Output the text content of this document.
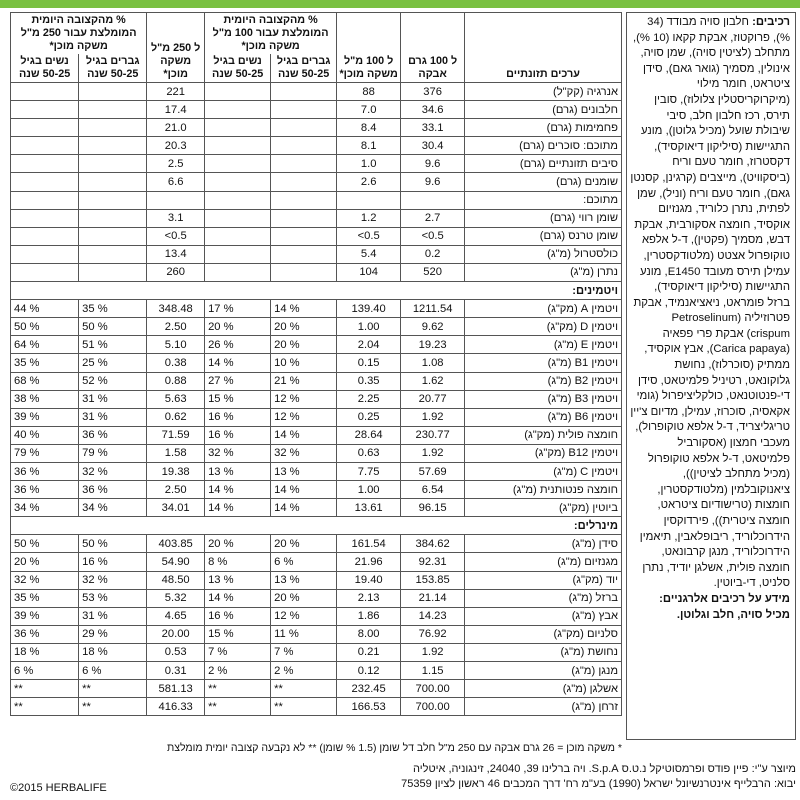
רכיבים: חלבון סויה מבודד (34 %), פרוקטוז, אבקת קקאו (10 %), מתחלב (לציטין סויה), שמן סויה, אינולין, מסמיך (גואר גאם), סידן ציטראט, חומר מילוי (מיקרוקריסטלין צלולוז), סובין תירס, רכז חלבון חלב, סיבי שיבולת שועל (מכיל גלוטן), מונע התגיישות (סיליקון דיאוקסיד), דקסטרוז, חומר טעם וריח (ביסקוויט), מייצבים (קרגינן, קסנטן גאם), חומר טעם וריח (וניל), שמן לפתית, נתרן כלוריד, מגנזיום אוקסיד, חומצה אסקורבית, אבקת דבש, מסמיך (פקטין), ד-ל אלפא טוקופרול אצטט (מלטודקסטרין, עמילן תירס מעובד E1450, מונע התגיישות (סיליקון דיאוקסיד), ברזל פומראט, ניאציאנמיד, אבקת פטרוזיליה (Petroselinum crispum) אבקת פרי פפאיה (Carica papaya), אבץ אוקסיד, ממתיק (סוכרלוז), נחושת גלוקונאט, רטיניל פלמיטאט, סידן די-פנטוטנאט, כולקליציפרול (גומי אקאסיה, סוכרוז, עמילן, מדיום צ'יין טריגליצריד, ד-ל אלפא טוקופרול), מעכבי חמצון (אסקורביל פלמיטאט, ד-ל אלפא טוקופרול (מכיל מתחלב לציטין)), ציאנוקובלמין (מלטודקסטרין, חומצות (טרישודיום ציטראט, חומצה ציטרית)), פירדוקסין הידרוכלוריד, ריבופלאבין, תיאמין הידרוכלוריד, מנגן קרבונאט, חומצה פולית, אשלגן יודיד, נתרן סלניט, די-ביוטין.
מידע על רכיבים אלרגניים:
מכיל סויה, חלב וגלוטן.
ערכים תזונתיים	ל 100 גרם אבקה	ל 100 מ"ל משקה מוכן*	% מהקצובה היומית המומלצת עבור 100 מ"ל משקה מוכן*		ל 250 מ"ל משקה מוכן*	% מהקצובה היומית המומלצת עבור 250 מ"ל משקה מוכן*	
			גברים בגיל 50-25 שנה	נשים בגיל 50-25 שנה		גברים בגיל 50-25 שנה	נשים בגיל 50-25 שנה
אנרגיה (קק"ל)	376	88			221		
חלבונים (גרם)	34.6	7.0			17.4		
פחמימות (גרם)	33.1	8.4			21.0		
מתוכם: סוכרים (גרם)	30.4	8.1			20.3		
סיבים תזונתיים (גרם)	9.6	1.0			2.5		
שומנים (גרם)	9.6	2.6			6.6		
מתוכם:							
שומן רווי (גרם)	2.7	1.2			3.1		
שומן טרנס (גרם)	<0.5	<0.5			<0.5		
כולסטרול (מ"ג)	0.2	5.4			13.4		
נתרן (מ"ג)	520	104			260		
ויטמינים:							
ויטמין A (מק"ג)	1211.54	139.40	14 %	17 %	348.48	35 %	44 %
ויטמין D (מק"ג)	9.62	1.00	20 %	20 %	2.50	50 %	50 %
ויטמין E (מ"ג)	19.23	2.04	20 %	26 %	5.10	51 %	64 %
ויטמין B1 (מ"ג)	1.08	0.15	10 %	14 %	0.38	25 %	35 %
ויטמין B2 (מ"ג)	1.62	0.35	21 %	27 %	0.88	52 %	68 %
ויטמין B3 (מ"ג)	20.77	2.25	12 %	15 %	5.63	31 %	38 %
ויטמין B6 (מ"ג)	1.92	0.25	12 %	16 %	0.62	31 %	39 %
חומצה פולית (מק"ג)	230.77	28.64	14 %	16 %	71.59	36 %	40 %
ויטמין B12 (מק"ג)	1.92	0.63	32 %	32 %	1.58	79 %	79 %
ויטמין C (מ"ג)	57.69	7.75	13 %	13 %	19.38	32 %	36 %
חומצה פנטותנית (מ"ג)	6.54	1.00	14 %	14 %	2.50	36 %	36 %
ביוטין (מק"ג)	96.15	13.61	14 %	14 %	34.01	34 %	34 %
מינרלים:							
סידן (מ"ג)	384.62	161.54	20 %	20 %	403.85	50 %	50 %
מגנזיום (מ"ג)	92.31	21.96	6 %	8 %	54.90	16 %	20 %
יוד (מק"ג)	153.85	19.40	13 %	13 %	48.50	32 %	32 %
ברזל (מ"ג)	21.14	2.13	20 %	14 %	5.32	53 %	35 %
אבץ (מ"ג)	14.23	1.86	12 %	16 %	4.65	31 %	39 %
סלניום (מק"ג)	76.92	8.00	11 %	15 %	20.00	29 %	36 %
נחושת (מ"ג)	1.92	0.21	7 %	7 %	0.53	18 %	18 %
מנגן (מ"ג)	1.15	0.12	2 %	2 %	0.31	6 %	6 %
אשלגן (מ"ג)	700.00	232.45	**	**	581.13	**	**
זרחן (מ"ג)	700.00	166.53	**	**	416.33	**	**
* משקה מוכן = 26 גרם אבקה עם 250 מ"ל חלב דל שומן (1.5 % שומן) ** לא נקבעה קצובה יומית מומלצת
מיוצר ע"י: פיין פודס ופרמסוטיקל נ.ט.ס S.p.A. ויה ברלינו 39, 24040, זינגוניה, איטליה
יבוא: הרבלייף אינטרנשיונל ישראל (1990) בע"מ רח' דרך המכבים 46 ראשון לציון 75359
©2015 HERBALIFE
